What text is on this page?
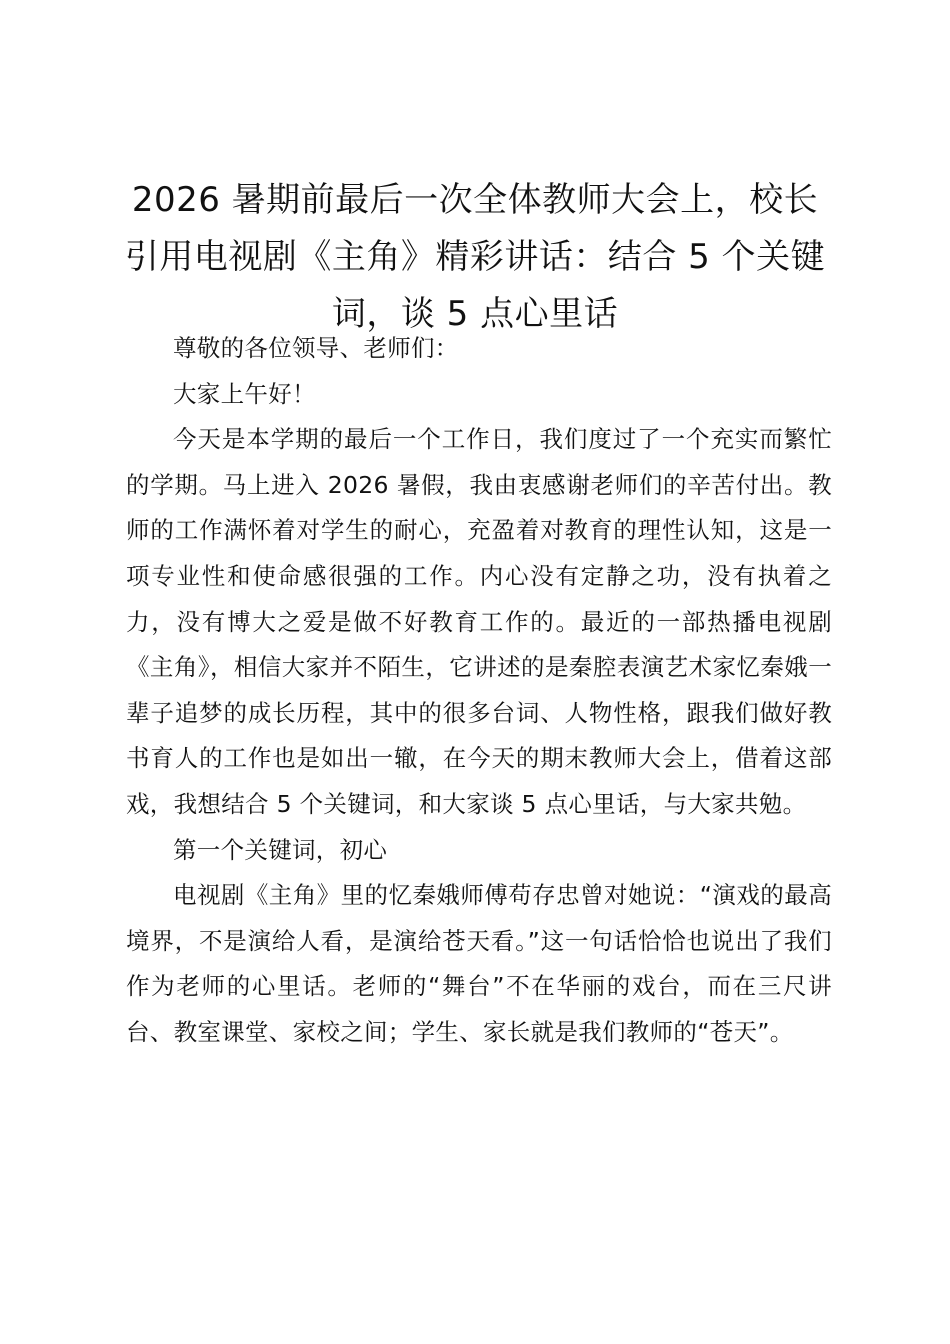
2026 暑期前最后一次全体教师大会上，校长引用电视剧《主角》精彩讲话：结合 5 个关键词，谈 5 点心里话

尊敬的各位领导、老师们：

大家上午好！

今天是本学期的最后一个工作日，我们度过了一个充实而繁忙的学期。马上进入 2026 暑假，我由衷感谢老师们的辛苦付出。教师的工作满怀着对学生的耐心，充盈着对教育的理性认知，这是一项专业性和使命感很强的工作。内心没有定静之功，没有执着之力，没有博大之爱是做不好教育工作的。最近的一部热播电视剧《主角》，相信大家并不陌生，它讲述的是秦腔表演艺术家忆秦娥一辈子追梦的成长历程，其中的很多台词、人物性格，跟我们做好教书育人的工作也是如出一辙，在今天的期末教师大会上，借着这部戏，我想结合 5 个关键词，和大家谈 5 点心里话，与大家共勉。

第一个关键词，初心

电视剧《主角》里的忆秦娥师傅苟存忠曾对她说：“演戏的最高境界，不是演给人看，是演给苍天看。”这一句话恰恰也说出了我们作为老师的心里话。老师的“舞台”不在华丽的戏台，而在三尺讲台、教室课堂、家校之间；学生、家长就是我们教师的“苍天”。
